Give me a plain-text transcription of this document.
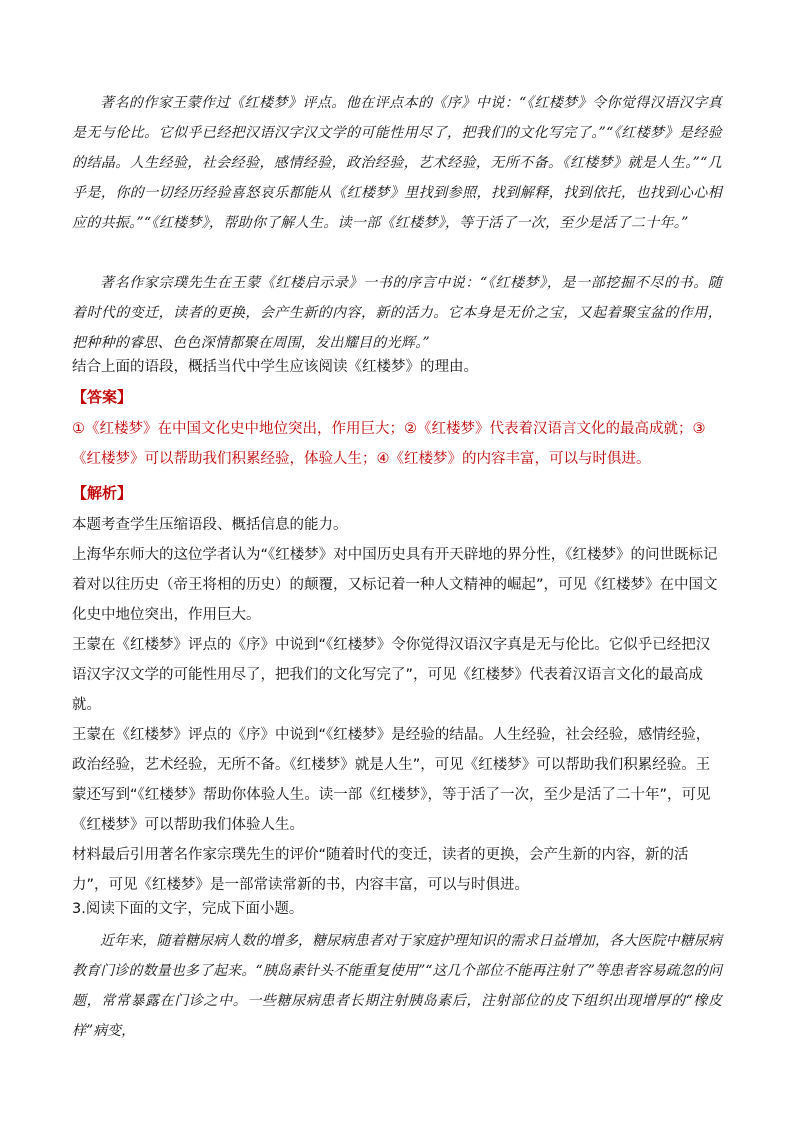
著名的作家王蒙作过《红楼梦》评点。他在评点本的《序》中说：“《红楼梦》令你觉得汉语汉字真是无与伦比。它似乎已经把汉语汉字汉文学的可能性用尽了，把我们的文化写完了。”“《红楼梦》是经验的结晶。人生经验，社会经验，感情经验，政治经验，艺术经验，无所不备。《红楼梦》就是人生。”“几乎是，你的一切经历经验喜怒哀乐都能从《红楼梦》里找到参照，找到解释，找到依托，也找到心心相应的共振。”“《红楼梦》，帮助你了解人生。读一部《红楼梦》，等于活了一次，至少是活了二十年。”

著名作家宗璞先生在王蒙《红楼启示录》一书的序言中说：“《红楼梦》，是一部挖掘不尽的书。随着时代的变迁，读者的更换，会产生新的内容，新的活力。它本身是无价之宝，又起着聚宝盆的作用，把种种的睿思、色色深情都聚在周围，发出耀目的光辉。”

结合上面的语段，概括当代中学生应该阅读《红楼梦》的理由。

【答案】

①《红楼梦》在中国文化史中地位突出，作用巨大；②《红楼梦》代表着汉语言文化的最高成就；③《红楼梦》可以帮助我们积累经验，体验人生；④《红楼梦》的内容丰富，可以与时俱进。

【解析】

本题考查学生压缩语段、概括信息的能力。

上海华东师大的这位学者认为“《红楼梦》对中国历史具有开天辟地的界分性，《红楼梦》的问世既标记着对以往历史（帝王将相的历史）的颠覆，又标记着一种人文精神的崛起”，可见《红楼梦》在中国文化史中地位突出，作用巨大。

王蒙在《红楼梦》评点的《序》中说到“《红楼梦》令你觉得汉语汉字真是无与伦比。它似乎已经把汉语汉字汉文学的可能性用尽了，把我们的文化写完了”，可见《红楼梦》代表着汉语言文化的最高成就。

王蒙在《红楼梦》评点的《序》中说到“《红楼梦》是经验的结晶。人生经验，社会经验，感情经验，政治经验，艺术经验，无所不备。《红楼梦》就是人生”，可见《红楼梦》可以帮助我们积累经验。王蒙还写到“《红楼梦》帮助你体验人生。读一部《红楼梦》，等于活了一次，至少是活了二十年”，可见《红楼梦》可以帮助我们体验人生。

材料最后引用著名作家宗璞先生的评价“随着时代的变迁，读者的更换，会产生新的内容，新的活力”，可见《红楼梦》是一部常读常新的书，内容丰富，可以与时俱进。

3.阅读下面的文字，完成下面小题。

近年来，随着糖尿病人数的增多，糖尿病患者对于家庭护理知识的需求日益增加，各大医院中糖尿病教育门诊的数量也多了起来。“胰岛素针头不能重复使用”“这几个部位不能再注射了”等患者容易疏忽的问题，常常暴露在门诊之中。一些糖尿病患者长期注射胰岛素后，注射部位的皮下组织出现增厚的“橡皮样”病变，
